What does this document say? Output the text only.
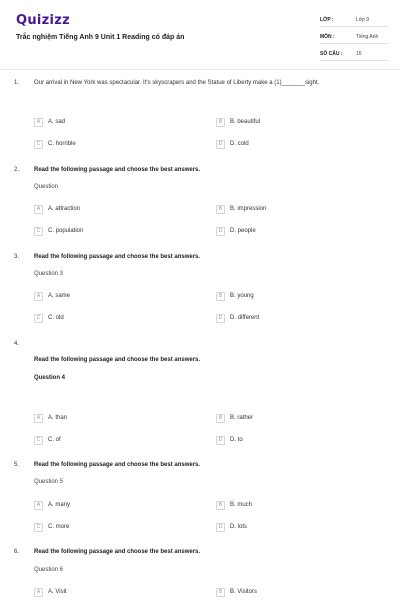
Quizizz
Trắc nghiệm Tiếng Anh 9 Unit 1 Reading có đáp án
LỚP :	Lớp 9
MÔN :	Tiếng Anh
SỐ CÂU :	16
1. Our arrival in New York was spectacular. It's skyscrapers and the Statue of Liberty make a (1)_______sight.
A	A. sad	B	B. beautiful
C	C. horrible	D	D. cold
2. Read the following passage and choose the best answers.
Question
A	A. attraction	B	B. impression
C	C. population	D	D. people
3. Read the following passage and choose the best answers.
Question 3
A	A. same	B	B. young
C	C. old	D	D. different
4.
Read the following passage and choose the best answers.
Question 4
A	A. than	B	B. rather
C	C. of	D	D. to
5. Read the following passage and choose the best answers.
Question 5
A	A. many	B	B. much
C	C. more	D	D. lots
6. Read the following passage and choose the best answers.
Question 6
A	A. Visit	B	B. Visitors
